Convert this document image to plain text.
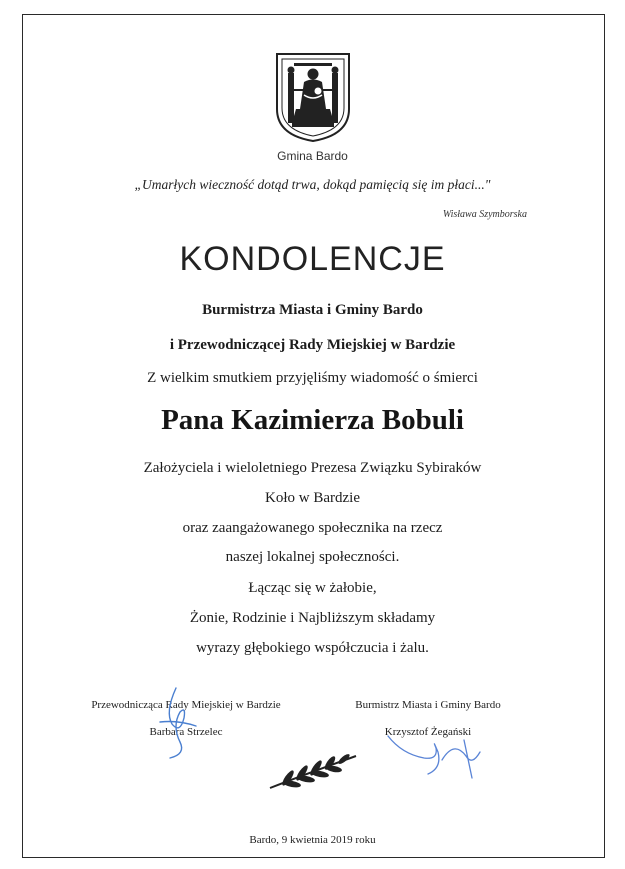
Gmina Bardo
„Umarłych wieczność dotąd trwa, dokąd pamięcią się im płaci..."
Wisława Szymborska
KONDOLENCJE
Burmistrza Miasta i Gminy Bardo
i Przewodniczącej Rady Miejskiej w Bardzie
Z wielkim smutkiem przyjęliśmy wiadomość o śmierci
Pana Kazimierza Bobuli
Założyciela i wieloletniego Prezesa Związku Sybiraków
Koło w Bardzie
oraz zaangażowanego społecznika na rzecz
naszej lokalnej społeczności.
Łącząc się w żałobie,
Żonie, Rodzinie i Najbliższym składamy
wyrazy głębokiego współczucia i żalu.
Przewodnicząca Rady Miejskiej w Bardzie
Barbara Strzelec
Burmistrz Miasta i Gminy Bardo
Krzysztof Żegański
Bardo, 9 kwietnia 2019 roku
